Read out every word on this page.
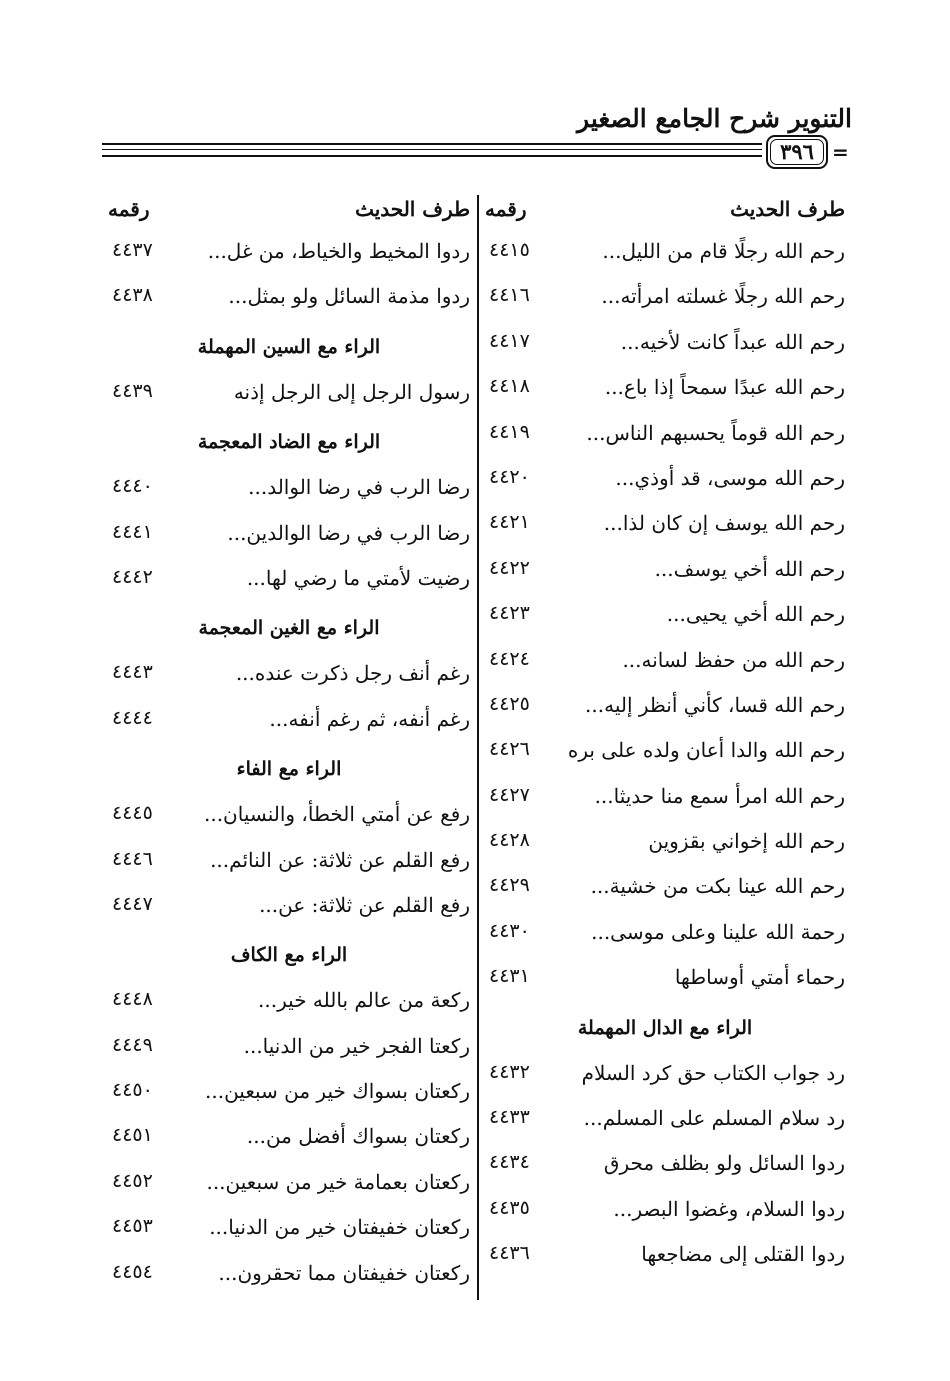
التنوير شرح الجامع الصغير
٣٩٦ =
طرف الحديث
رقمه
رحم الله رجلًا قام من الليل...
٤٤١٥
رحم الله رجلًا غسلته امرأته...
٤٤١٦
رحم الله عبداً كانت لأخيه...
٤٤١٧
رحم الله عبدًا سمحاً إذا باع...
٤٤١٨
رحم الله قوماً يحسبهم الناس...
٤٤١٩
رحم الله موسى، قد أوذي...
٤٤٢٠
رحم الله يوسف إن كان لذا...
٤٤٢١
رحم الله أخي يوسف...
٤٤٢٢
رحم الله أخي يحيى...
٤٤٢٣
رحم الله من حفظ لسانه...
٤٤٢٤
رحم الله قسا، كأني أنظر إليه...
٤٤٢٥
رحم الله والدا أعان ولده على بره
٤٤٢٦
رحم الله امرأ سمع منا حديثا...
٤٤٢٧
رحم الله إخواني بقزوين
٤٤٢٨
رحم الله عينا بكت من خشية...
٤٤٢٩
رحمة الله علينا وعلى موسى...
٤٤٣٠
رحماء أمتي أوساطها
٤٤٣١
الراء مع الدال المهملة
رد جواب الكتاب حق كرد السلام
٤٤٣٢
رد سلام المسلم على المسلم...
٤٤٣٣
ردوا السائل ولو بظلف محرق
٤٤٣٤
ردوا السلام، وغضوا البصر...
٤٤٣٥
ردوا القتلى إلى مضاجعها
٤٤٣٦
طرف الحديث
رقمه
ردوا المخيط والخياط، من غل...
٤٤٣٧
ردوا مذمة السائل ولو بمثل...
٤٤٣٨
الراء مع السين المهملة
رسول الرجل إلى الرجل إذنه
٤٤٣٩
الراء مع الضاد المعجمة
رضا الرب في رضا الوالد...
٤٤٤٠
رضا الرب في رضا الوالدين...
٤٤٤١
رضيت لأمتي ما رضي لها...
٤٤٤٢
الراء مع الغين المعجمة
رغم أنف رجل ذكرت عنده...
٤٤٤٣
رغم أنفه، ثم رغم أنفه...
٤٤٤٤
الراء مع الفاء
رفع عن أمتي الخطأ، والنسيان...
٤٤٤٥
رفع القلم عن ثلاثة: عن النائم...
٤٤٤٦
رفع القلم عن ثلاثة: عن...
٤٤٤٧
الراء مع الكاف
ركعة من عالم بالله خير...
٤٤٤٨
ركعتا الفجر خير من الدنيا...
٤٤٤٩
ركعتان بسواك خير من سبعين...
٤٤٥٠
ركعتان بسواك أفضل من...
٤٤٥١
ركعتان بعمامة خير من سبعين...
٤٤٥٢
ركعتان خفيفتان خير من الدنيا...
٤٤٥٣
ركعتان خفيفتان مما تحقرون...
٤٤٥٤
